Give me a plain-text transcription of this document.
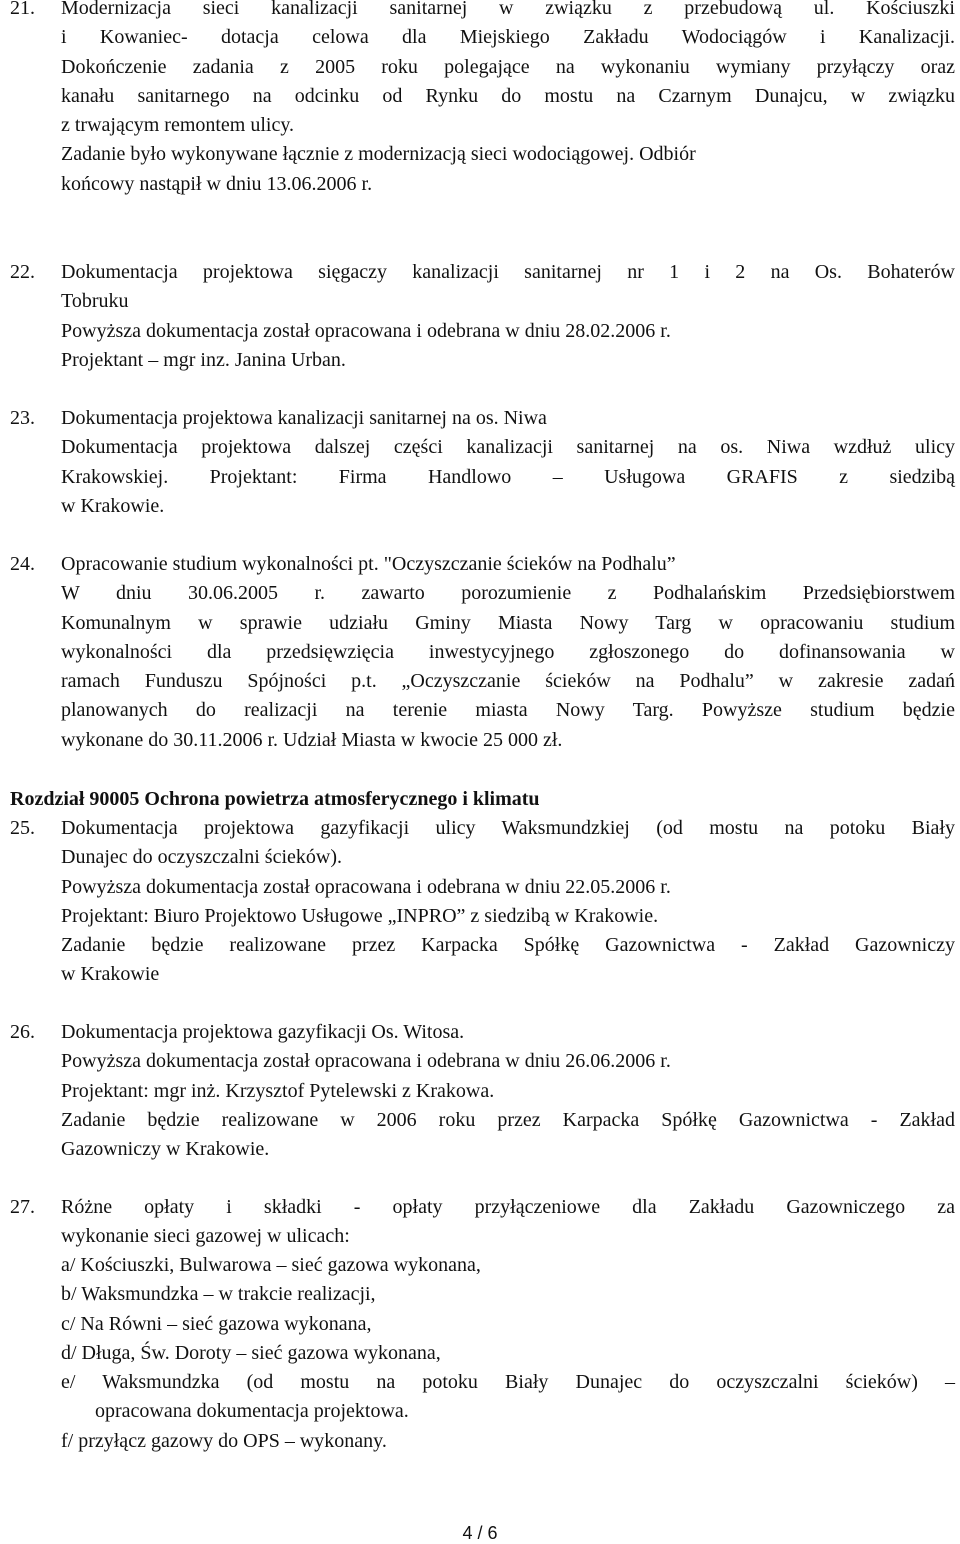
21. Modernizacja sieci kanalizacji sanitarnej w związku z przebudową ul. Kościuszki
i Kowaniec- dotacja celowa dla Miejskiego Zakładu Wodociągów i Kanalizacji.
Dokończenie zadania z 2005 roku polegające na wykonaniu wymiany przyłączy oraz
kanału sanitarnego na odcinku od Rynku do mostu na Czarnym Dunajcu, w związku
z trwającym remontem ulicy.
Zadanie było wykonywane łącznie z modernizacją sieci wodociągowej. Odbiór
końcowy nastąpił w dniu 13.06.2006 r.
22. Dokumentacja projektowa sięgaczy kanalizacji sanitarnej nr 1 i 2 na Os. Bohaterów
Tobruku
Powyższa dokumentacja został opracowana i odebrana w dniu 28.02.2006 r.
Projektant – mgr inz. Janina Urban.
23. Dokumentacja projektowa kanalizacji sanitarnej na os. Niwa
Dokumentacja projektowa dalszej części kanalizacji sanitarnej na os. Niwa wzdłuż ulicy
Krakowskiej. Projektant: Firma Handlowo – Usługowa GRAFIS z siedzibą
w Krakowie.
24. Opracowanie studium wykonalności pt. "Oczyszczanie ścieków na Podhalu”
W dniu 30.06.2005 r. zawarto porozumienie z Podhalańskim Przedsiębiorstwem
Komunalnym w sprawie udziału Gminy Miasta Nowy Targ w opracowaniu studium
wykonalności dla przedsięwzięcia inwestycyjnego zgłoszonego do dofinansowania w
ramach Funduszu Spójności p.t. „Oczyszczanie ścieków na Podhalu” w zakresie zadań
planowanych do realizacji na terenie miasta Nowy Targ. Powyższe studium będzie
wykonane do 30.11.2006 r. Udział Miasta w kwocie 25 000 zł.
Rozdział 90005 Ochrona powietrza atmosferycznego i klimatu
25. Dokumentacja projektowa gazyfikacji ulicy Waksmundzkiej (od mostu na potoku Biały
Dunajec do oczyszczalni ścieków).
Powyższa dokumentacja został opracowana i odebrana w dniu 22.05.2006 r.
Projektant: Biuro Projektowo Usługowe „INPRO” z siedzibą w Krakowie.
Zadanie będzie realizowane przez Karpacka Spółkę Gazownictwa - Zakład Gazowniczy
w Krakowie
26. Dokumentacja projektowa gazyfikacji Os. Witosa.
Powyższa dokumentacja został opracowana i odebrana w dniu 26.06.2006 r.
Projektant: mgr inż. Krzysztof Pytelewski z Krakowa.
Zadanie będzie realizowane w 2006 roku przez Karpacka Spółkę Gazownictwa - Zakład
Gazowniczy w Krakowie.
27. Różne opłaty i składki - opłaty przyłączeniowe dla Zakładu Gazowniczego za
wykonanie sieci gazowej w ulicach:
a/ Kościuszki, Bulwarowa – sieć gazowa wykonana,
b/ Waksmundzka – w trakcie realizacji,
c/ Na Równi – sieć gazowa wykonana,
d/ Długa, Św. Doroty – sieć gazowa wykonana,
e/ Waksmundzka (od mostu na potoku Biały Dunajec do oczyszczalni ścieków) –
opracowana dokumentacja projektowa.
f/ przyłącz gazowy do OPS – wykonany.
4 / 6
